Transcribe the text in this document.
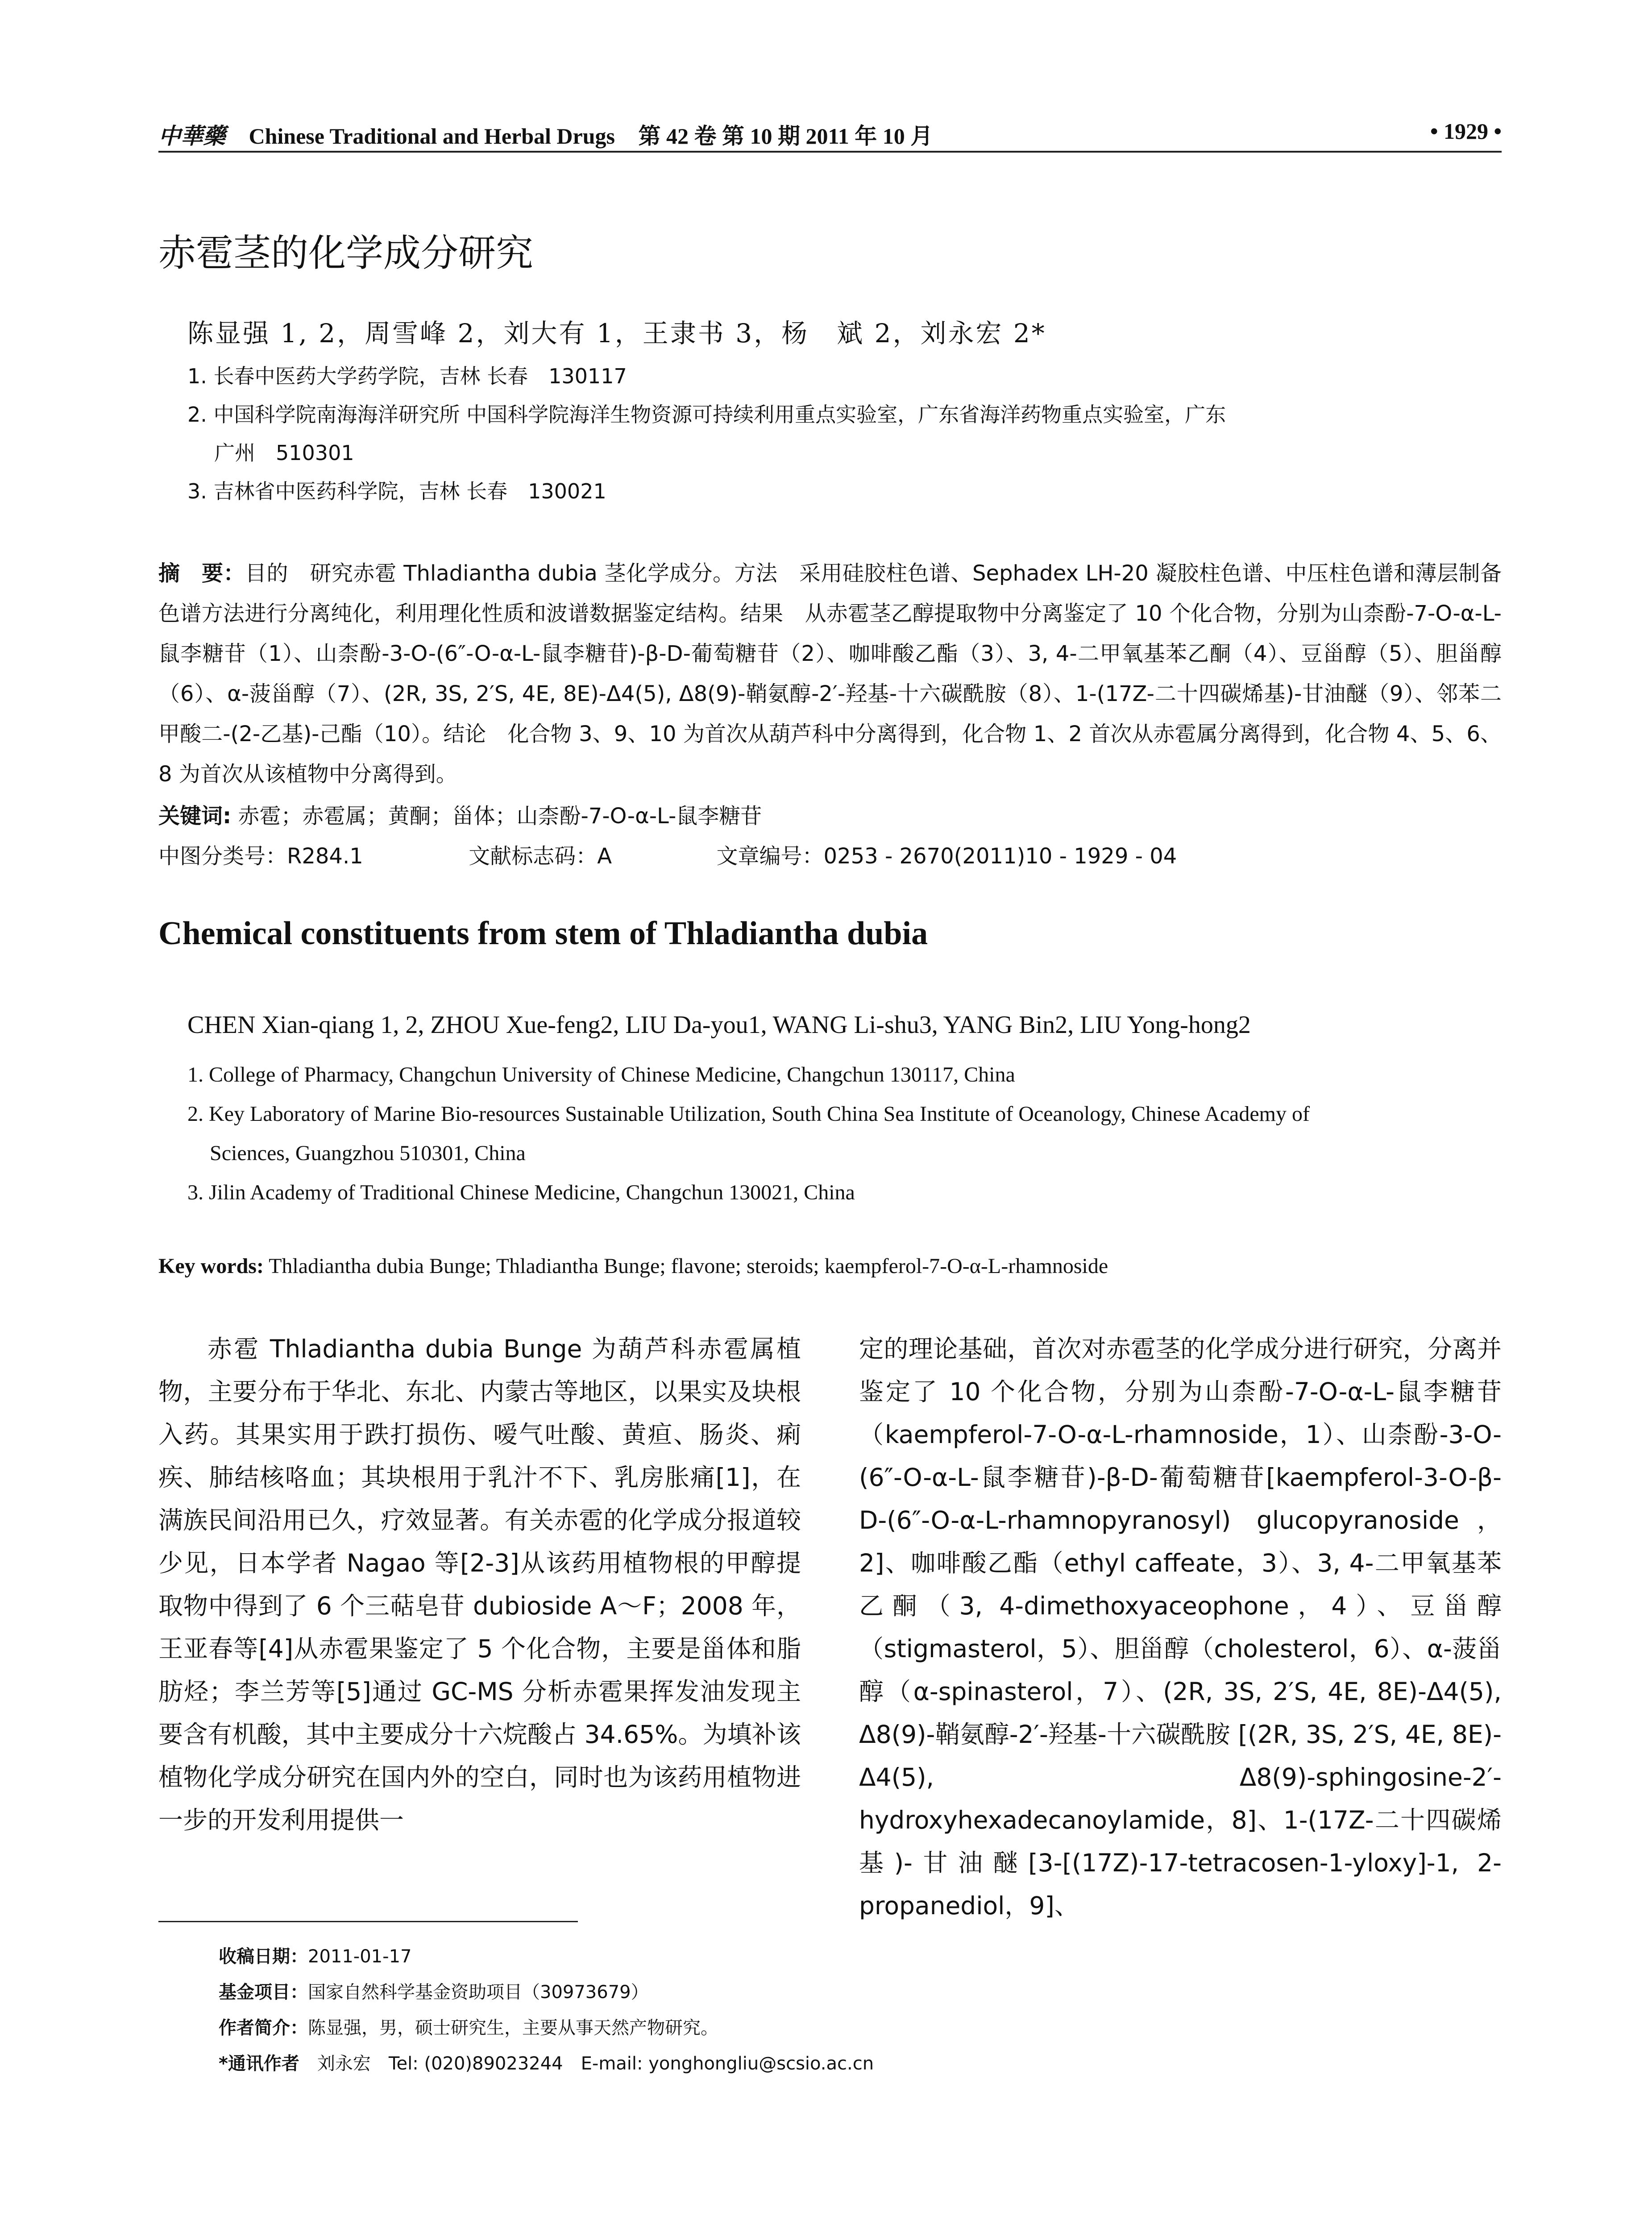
中華藥 Chinese Traditional and Herbal Drugs 第 42 卷 第 10 期 2011 年 10 月	• 1929 •
赤雹茎的化学成分研究
陈显强 1, 2，周雪峰 2，刘大有 1，王隶书 3，杨　斌 2，刘永宏 2*
1. 长春中医药大学药学院，吉林 长春　130117
2. 中国科学院南海海洋研究所 中国科学院海洋生物资源可持续利用重点实验室，广东省海洋药物重点实验室，广东
广州　510301
3. 吉林省中医药科学院，吉林 长春　130021
摘　要：目的　研究赤雹 Thladiantha dubia 茎化学成分。方法　采用硅胶柱色谱、Sephadex LH-20 凝胶柱色谱、中压柱色谱和薄层制备色谱方法进行分离纯化，利用理化性质和波谱数据鉴定结构。结果　从赤雹茎乙醇提取物中分离鉴定了 10 个化合物，分别为山柰酚-7-O-α-L-鼠李糖苷（1）、山柰酚-3-O-(6″-O-α-L-鼠李糖苷)-β-D-葡萄糖苷（2）、咖啡酸乙酯（3）、3, 4-二甲氧基苯乙酮（4）、豆甾醇（5）、胆甾醇（6）、α-菠甾醇（7）、(2R, 3S, 2′S, 4E, 8E)-Δ4(5), Δ8(9)-鞘氨醇-2′-羟基-十六碳酰胺（8）、1-(17Z-二十四碳烯基)-甘油醚（9）、邻苯二甲酸二-(2-乙基)-己酯（10）。结论　化合物 3、9、10 为首次从葫芦科中分离得到，化合物 1、2 首次从赤雹属分离得到，化合物 4、5、6、8 为首次从该植物中分离得到。
关键词: 赤雹；赤雹属；黄酮；甾体；山柰酚-7-O-α-L-鼠李糖苷
中图分类号：R284.1	文献标志码：A	文章编号：0253 - 2670(2011)10 - 1929 - 04
Chemical constituents from stem of Thladiantha dubia
CHEN Xian-qiang 1, 2, ZHOU Xue-feng2, LIU Da-you1, WANG Li-shu3, YANG Bin2, LIU Yong-hong2
1. College of Pharmacy, Changchun University of Chinese Medicine, Changchun 130117, China
2. Key Laboratory of Marine Bio-resources Sustainable Utilization, South China Sea Institute of Oceanology, Chinese Academy of
Sciences, Guangzhou 510301, China
3. Jilin Academy of Traditional Chinese Medicine, Changchun 130021, China
Key words: Thladiantha dubia Bunge; Thladiantha Bunge; flavone; steroids; kaempferol-7-O-α-L-rhamnoside
赤雹 Thladiantha dubia Bunge 为葫芦科赤雹属植物，主要分布于华北、东北、内蒙古等地区，以果实及块根入药。其果实用于跌打损伤、嗳气吐酸、黄疸、肠炎、痢疾、肺结核咯血；其块根用于乳汁不下、乳房胀痛[1]，在满族民间沿用已久，疗效显著。有关赤雹的化学成分报道较少见，日本学者 Nagao 等[2-3]从该药用植物根的甲醇提取物中得到了 6 个三萜皂苷 dubioside A～F；2008 年，王亚春等[4]从赤雹果鉴定了 5 个化合物，主要是甾体和脂肪烃；李兰芳等[5]通过 GC-MS 分析赤雹果挥发油发现主要含有机酸，其中主要成分十六烷酸占 34.65%。为填补该植物化学成分研究在国内外的空白，同时也为该药用植物进一步的开发利用提供一
定的理论基础，首次对赤雹茎的化学成分进行研究，分离并鉴定了 10 个化合物，分别为山柰酚-7-O-α-L-鼠李糖苷（kaempferol-7-O-α-L-rhamnoside，1）、山柰酚-3-O-(6″-O-α-L-鼠李糖苷)-β-D-葡萄糖苷[kaempferol-3-O-β-D-(6″-O-α-L-rhamnopyranosyl) glucopyranoside，2]、咖啡酸乙酯（ethyl caffeate，3）、3, 4-二甲氧基苯乙酮（3, 4-dimethoxyaceophone，4）、豆甾醇（stigmasterol，5）、胆甾醇（cholesterol，6）、α-菠甾醇（α-spinasterol，7）、(2R, 3S, 2′S, 4E, 8E)-Δ4(5), Δ8(9)-鞘氨醇-2′-羟基-十六碳酰胺 [(2R, 3S, 2′S, 4E, 8E)-Δ4(5), Δ8(9)-sphingosine-2′-hydroxyhexadecanoylamide，8]、1-(17Z-二十四碳烯基)-甘油醚[3-[(17Z)-17-tetracosen-1-yloxy]-1, 2-propanediol，9]、
收稿日期：2011-01-17
基金项目：国家自然科学基金资助项目（30973679）
作者简介：陈显强，男，硕士研究生，主要从事天然产物研究。
*通讯作者　 刘永宏　Tel: (020)89023244　E-mail: yonghongliu@scsio.ac.cn
